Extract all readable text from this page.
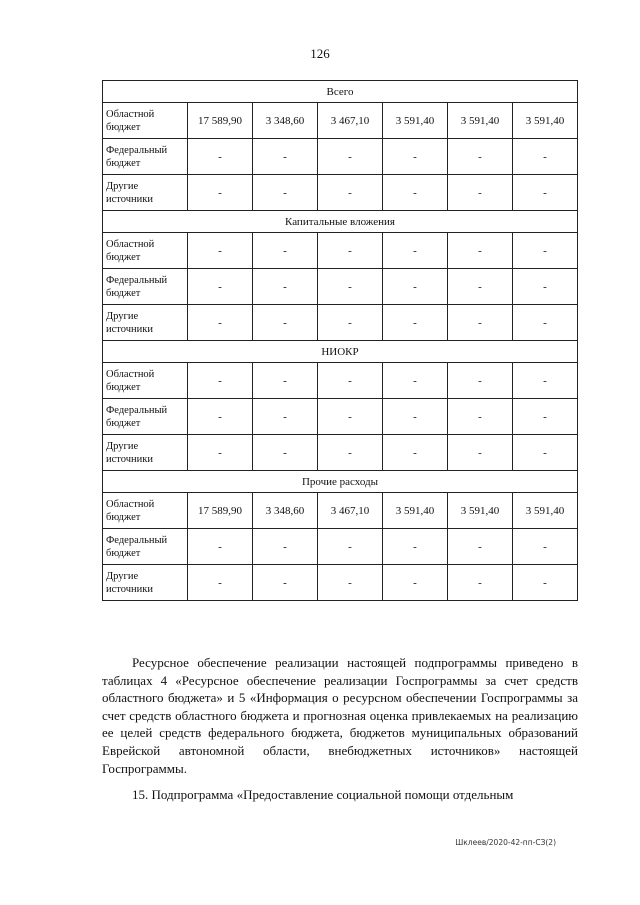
126
Всего						
Областной бюджет	17 589,90	3 348,60	3 467,10	3 591,40	3 591,40	3 591,40
Федеральный бюджет	-	-	-	-	-	-
Другие источники	-	-	-	-	-	-
Капитальные вложения						
Областной бюджет	-	-	-	-	-	-
Федеральный бюджет	-	-	-	-	-	-
Другие источники	-	-	-	-	-	-
НИОКР						
Областной бюджет	-	-	-	-	-	-
Федеральный бюджет	-	-	-	-	-	-
Другие источники	-	-	-	-	-	-
Прочие расходы						
Областной бюджет	17 589,90	3 348,60	3 467,10	3 591,40	3 591,40	3 591,40
Федеральный бюджет	-	-	-	-	-	-
Другие источники	-	-	-	-	-	-

Ресурсное обеспечение реализации настоящей подпрограммы приведено в таблицах 4 «Ресурсное обеспечение реализации Госпрограммы за счет средств областного бюджета» и 5 «Информация о ресурсном обеспечении Госпрограммы за счет средств областного бюджета и прогнозная оценка привлекаемых на реализацию ее целей средств федерального бюджета, бюджетов муниципальных образований Еврейской автономной области, внебюджетных источников» настоящей Госпрограммы.

15. Подпрограмма «Предоставление социальной помощи отдельным

Шклеев/2020-42-пп-СЗ(2)
